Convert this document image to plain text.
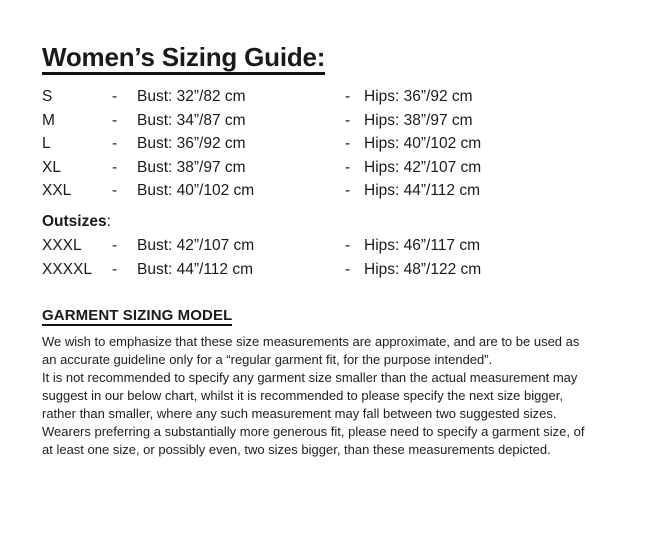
Women’s Sizing Guide:
S	-	Bust: 32”/82 cm	-	Hips: 36”/92 cm
M	-	Bust: 34”/87 cm	-	Hips: 38”/97 cm
L	-	Bust: 36”/92 cm	-	Hips: 40”/102 cm
XL	-	Bust: 38”/97 cm	-	Hips: 42”/107 cm
XXL	-	Bust: 40”/102 cm	-	Hips: 44”/112 cm
Outsizes:				
XXXL	-	Bust: 42”/107 cm	-	Hips: 46”/117 cm
XXXXL	-	Bust: 44”/112 cm	-	Hips: 48”/122 cm
GARMENT SIZING MODEL

We wish to emphasize that these size measurements are approximate, and are to be used as an accurate guideline only for a “regular garment fit, for the purpose intended”.

It is not recommended to specify any garment size smaller than the actual measurement may suggest in our below chart, whilst it is recommended to please specify the next size bigger, rather than smaller, where any such measurement may fall between two suggested sizes.

Wearers preferring a substantially more generous fit, please need to specify a garment size, of at least one size, or possibly even, two sizes bigger, than these measurements depicted.
